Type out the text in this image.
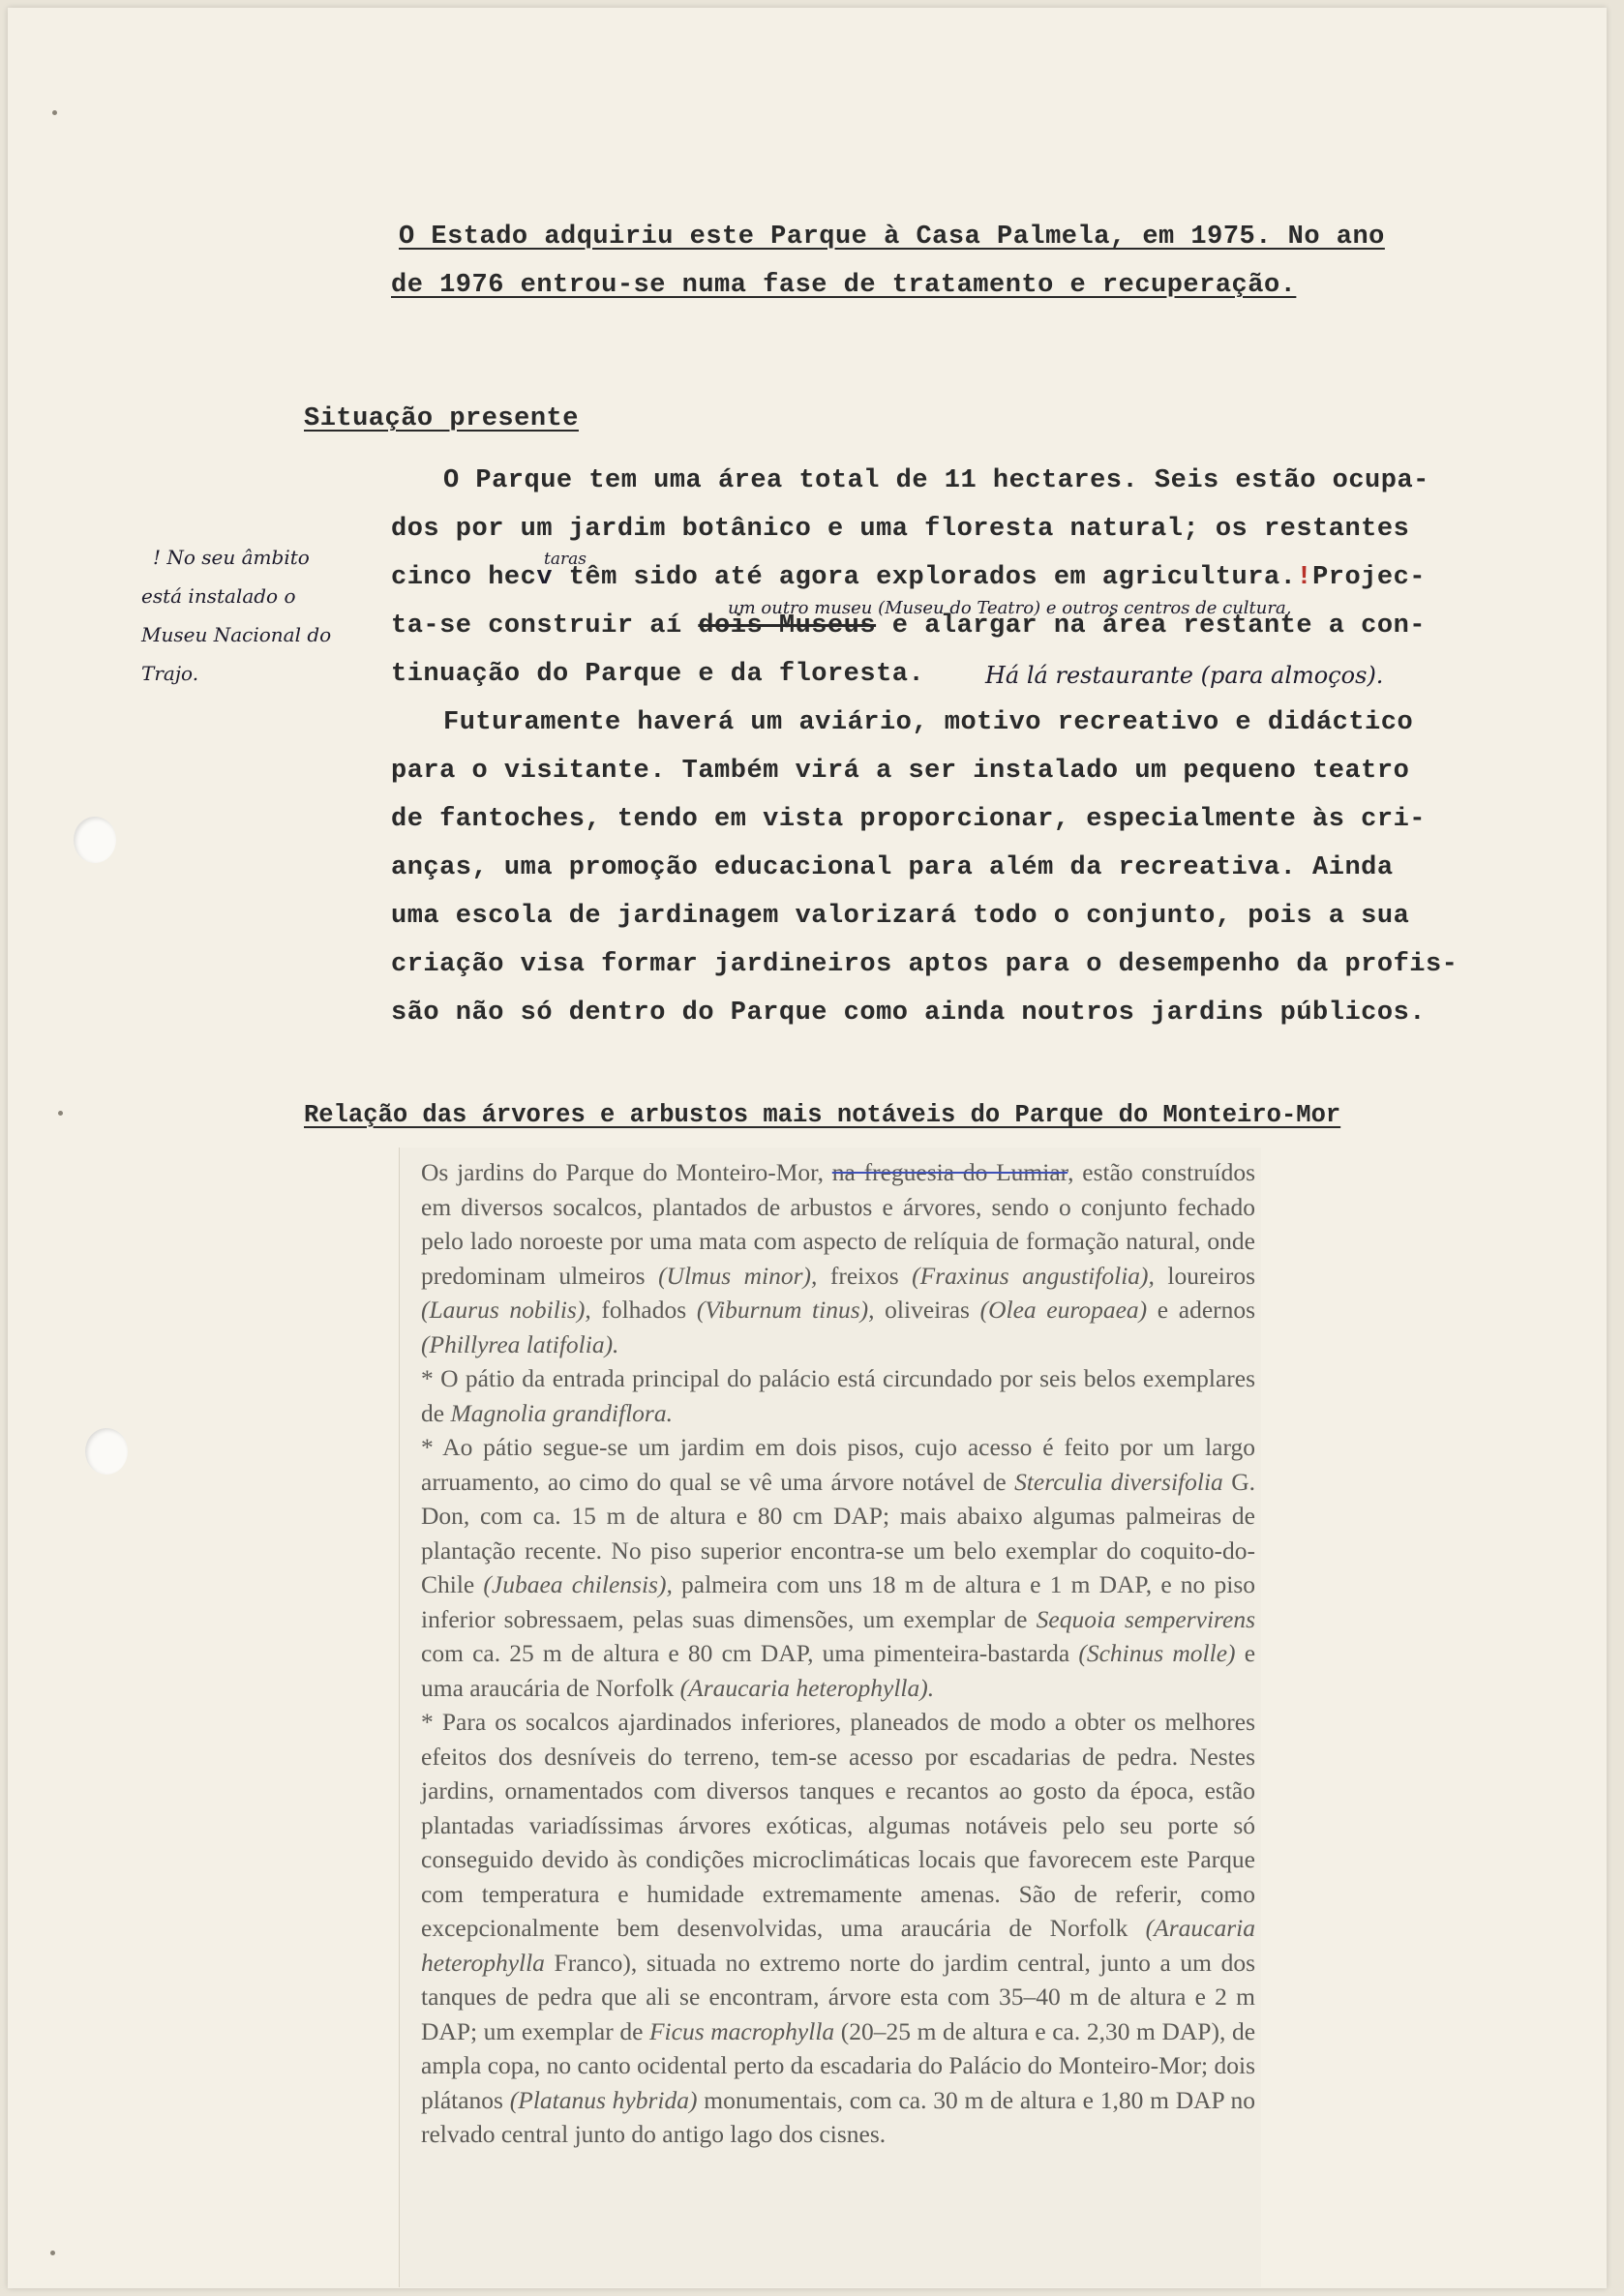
O Estado adquiriu este Parque à Casa Palmela, em 1975. No ano
de 1976 entrou-se numa fase de tratamento e recuperação.
Situação presente
O Parque tem uma área total de 11 hectares. Seis estão ocupa-
dos por um jardim botânico e uma floresta natural; os restantes
cinco hecv têm sido até agora explorados em agricultura.!Projec-
taras
um outro museu (Museu do Teatro) e outros centros de cultura,
ta-se construir aí dois Museus e alargar na área restante a con-
tinuação do Parque e da floresta.	Há lá restaurante (para almoços).
Futuramente haverá um aviário, motivo recreativo e didáctico
para o visitante. Também virá a ser instalado um pequeno teatro
de fantoches, tendo em vista proporcionar, especialmente às cri-
anças, uma promoção educacional para além da recreativa. Ainda
uma escola de jardinagem valorizará todo o conjunto, pois a sua
criação visa formar jardineiros aptos para o desempenho da profis-
são não só dentro do Parque como ainda noutros jardins públicos.
! No seu âmbito
está instalado o
Museu Nacional do
Trajo.
Relação das árvores e arbustos mais notáveis do Parque do Monteiro-Mor

Os jardins do Parque do Monteiro-Mor, na freguesia do Lumiar, estão construídos em diversos socalcos, plantados de arbustos e árvores, sendo o conjunto fechado pelo lado noroeste por uma mata com aspecto de relíquia de formação natural, onde predominam ulmeiros (Ulmus minor), freixos (Fraxinus angustifolia), loureiros (Laurus nobilis), folhados (Viburnum tinus), oliveiras (Olea europaea) e adernos (Phillyrea latifolia).

* O pátio da entrada principal do palácio está circundado por seis belos exemplares de Magnolia grandiflora.

* Ao pátio segue-se um jardim em dois pisos, cujo acesso é feito por um largo arruamento, ao cimo do qual se vê uma árvore notável de Sterculia diversifolia G. Don, com ca. 15 m de altura e 80 cm DAP; mais abaixo algumas palmeiras de plantação recente. No piso superior encontra-se um belo exemplar do coquito-do-Chile (Jubaea chilensis), palmeira com uns 18 m de altura e 1 m DAP, e no piso inferior sobressaem, pelas suas dimensões, um exemplar de Sequoia sempervirens com ca. 25 m de altura e 80 cm DAP, uma pimenteira-bastarda (Schinus molle) e uma araucária de Norfolk (Araucaria heterophylla).

* Para os socalcos ajardinados inferiores, planeados de modo a obter os melhores efeitos dos desníveis do terreno, tem-se acesso por escadarias de pedra. Nestes jardins, ornamentados com diversos tanques e recantos ao gosto da época, estão plantadas variadíssimas árvores exóticas, algumas notáveis pelo seu porte só conseguido devido às condições microclimáticas locais que favorecem este Parque com temperatura e humidade extremamente amenas. São de referir, como excepcionalmente bem desenvolvidas, uma araucária de Norfolk (Araucaria heterophylla Franco), situada no extremo norte do jardim central, junto a um dos tanques de pedra que ali se encontram, árvore esta com 35–40 m de altura e 2 m DAP; um exemplar de Ficus macrophylla (20–25 m de altura e ca. 2,30 m DAP), de ampla copa, no canto ocidental perto da escadaria do Palácio do Monteiro-Mor; dois plátanos (Platanus hybrida) monumentais, com ca. 30 m de altura e 1,80 m DAP no relvado central junto do antigo lago dos cisnes.
